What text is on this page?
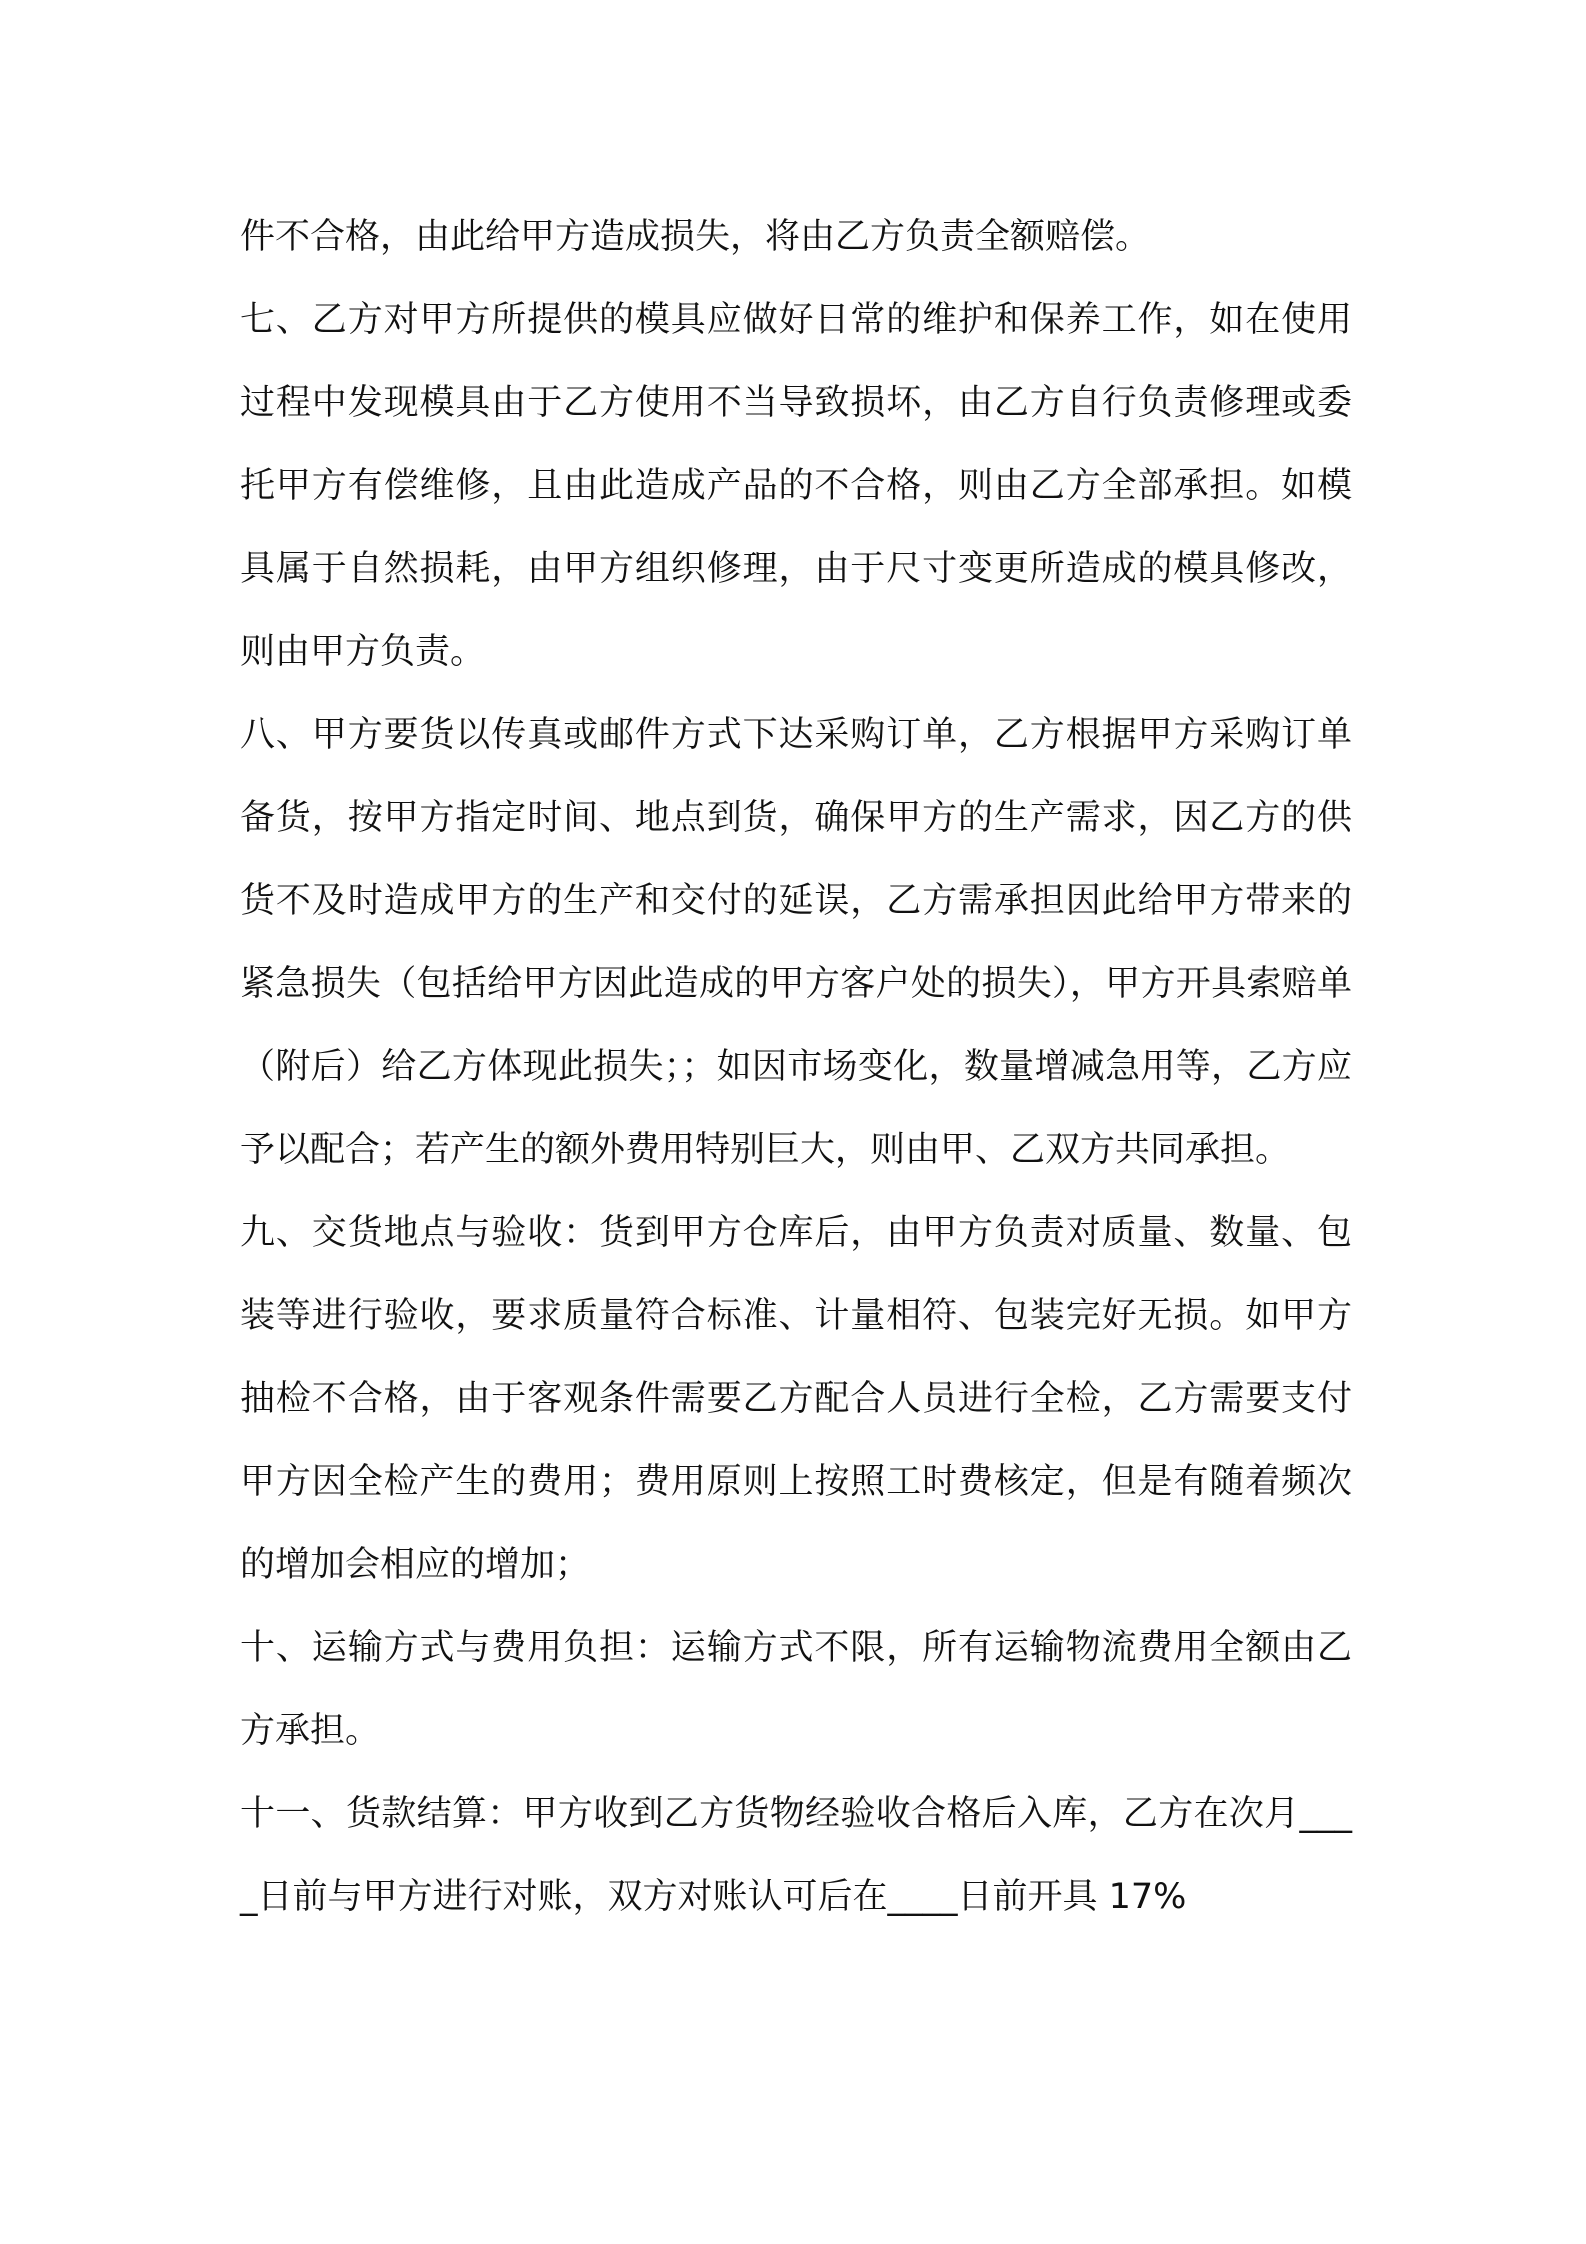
件不合格，由此给甲方造成损失，将由乙方负责全额赔偿。

七、乙方对甲方所提供的模具应做好日常的维护和保养工作，如在使用过程中发现模具由于乙方使用不当导致损坏，由乙方自行负责修理或委托甲方有偿维修，且由此造成产品的不合格，则由乙方全部承担。如模具属于自然损耗，由甲方组织修理，由于尺寸变更所造成的模具修改，则由甲方负责。

八、甲方要货以传真或邮件方式下达采购订单，乙方根据甲方采购订单备货，按甲方指定时间、地点到货，确保甲方的生产需求，因乙方的供货不及时造成甲方的生产和交付的延误，乙方需承担因此给甲方带来的紧急损失（包括给甲方因此造成的甲方客户处的损失），甲方开具索赔单（附后）给乙方体现此损失；；如因市场变化，数量增减急用等，乙方应予以配合；若产生的额外费用特别巨大，则由甲、乙双方共同承担。

九、交货地点与验收：货到甲方仓库后，由甲方负责对质量、数量、包装等进行验收，要求质量符合标准、计量相符、包装完好无损。如甲方抽检不合格，由于客观条件需要乙方配合人员进行全检，乙方需要支付甲方因全检产生的费用；费用原则上按照工时费核定，但是有随着频次的增加会相应的增加；

十、运输方式与费用负担：运输方式不限，所有运输物流费用全额由乙方承担。

十一、货款结算：甲方收到乙方货物经验收合格后入库，乙方在次月____日前与甲方进行对账，双方对账认可后在____日前开具 17%
